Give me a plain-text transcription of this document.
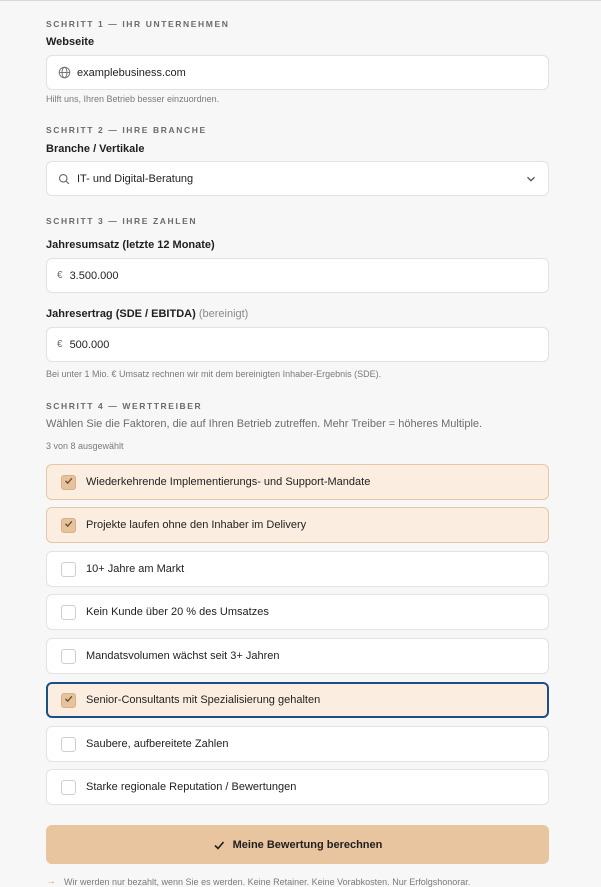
SCHRITT 1 — IHR UNTERNEHMEN
Webseite
examplebusiness.com
Hilft uns, Ihren Betrieb besser einzuordnen.
SCHRITT 2 — IHRE BRANCHE
Branche / Vertikale
IT- und Digital-Beratung
SCHRITT 3 — IHRE ZAHLEN
Jahresumsatz (letzte 12 Monate)
€ 3.500.000
Jahresertrag (SDE / EBITDA) (bereinigt)
€ 500.000
Bei unter 1 Mio. € Umsatz rechnen wir mit dem bereinigten Inhaber-Ergebnis (SDE).
SCHRITT 4 — WERTTREIBER
Wählen Sie die Faktoren, die auf Ihren Betrieb zutreffen. Mehr Treiber = höheres Multiple.
3 von 8 ausgewählt
Wiederkehrende Implementierungs- und Support-Mandate
Projekte laufen ohne den Inhaber im Delivery
10+ Jahre am Markt
Kein Kunde über 20 % des Umsatzes
Mandatsvolumen wächst seit 3+ Jahren
Senior-Consultants mit Spezialisierung gehalten
Saubere, aufbereitete Zahlen
Starke regionale Reputation / Bewertungen
Meine Bewertung berechnen
→ Wir werden nur bezahlt, wenn Sie es werden. Keine Retainer. Keine Vorabkosten. Nur Erfolgshonorar.
